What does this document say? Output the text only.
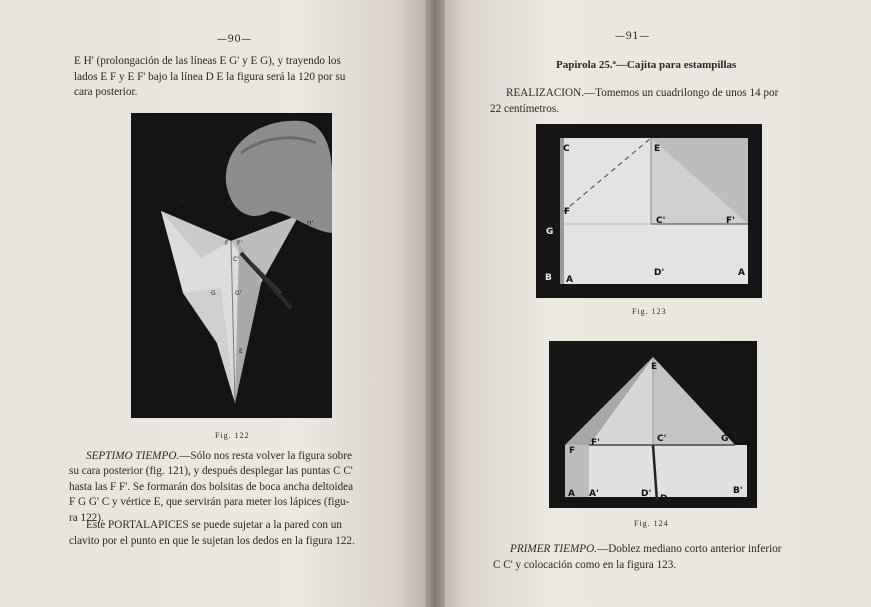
—90—
E H' (prolongación de las líneas E G' y E G), y trayendo los
lados E F y E F' bajo la línea D E la figura será la 120 por su
cara posterior.
B
H
H'
F F'
C
C'
G	G'
D
E
Fig. 122
SEPTIMO TIEMPO.—Sólo nos resta volver la figura sobre
su cara posterior (fig. 121), y después desplegar las puntas C C'
hasta las F F'. Se formarán dos bolsitas de boca ancha deltoidea
F G G' C y vértice E, que servirán para meter los lápices (figu-
ra 122).
Este PORTALAPICES se puede sujetar a la pared con un
clavito por el punto en que le sujetan los dedos en la figura 122.
—91—
Papirola 25.ª—Cajita para estampillas
REALIZACION.—Tomemos un cuadrilongo de unos 14 por
22 centímetros.
C	E
F
G
C'	F'
B A
D'	A
Fig. 123
E
F
F'	C'	G'
A A'	D' D
B'
Fig. 124
PRIMER TIEMPO.—Doblez mediano corto anterior inferior
C C' y colocación como en la figura 123.
